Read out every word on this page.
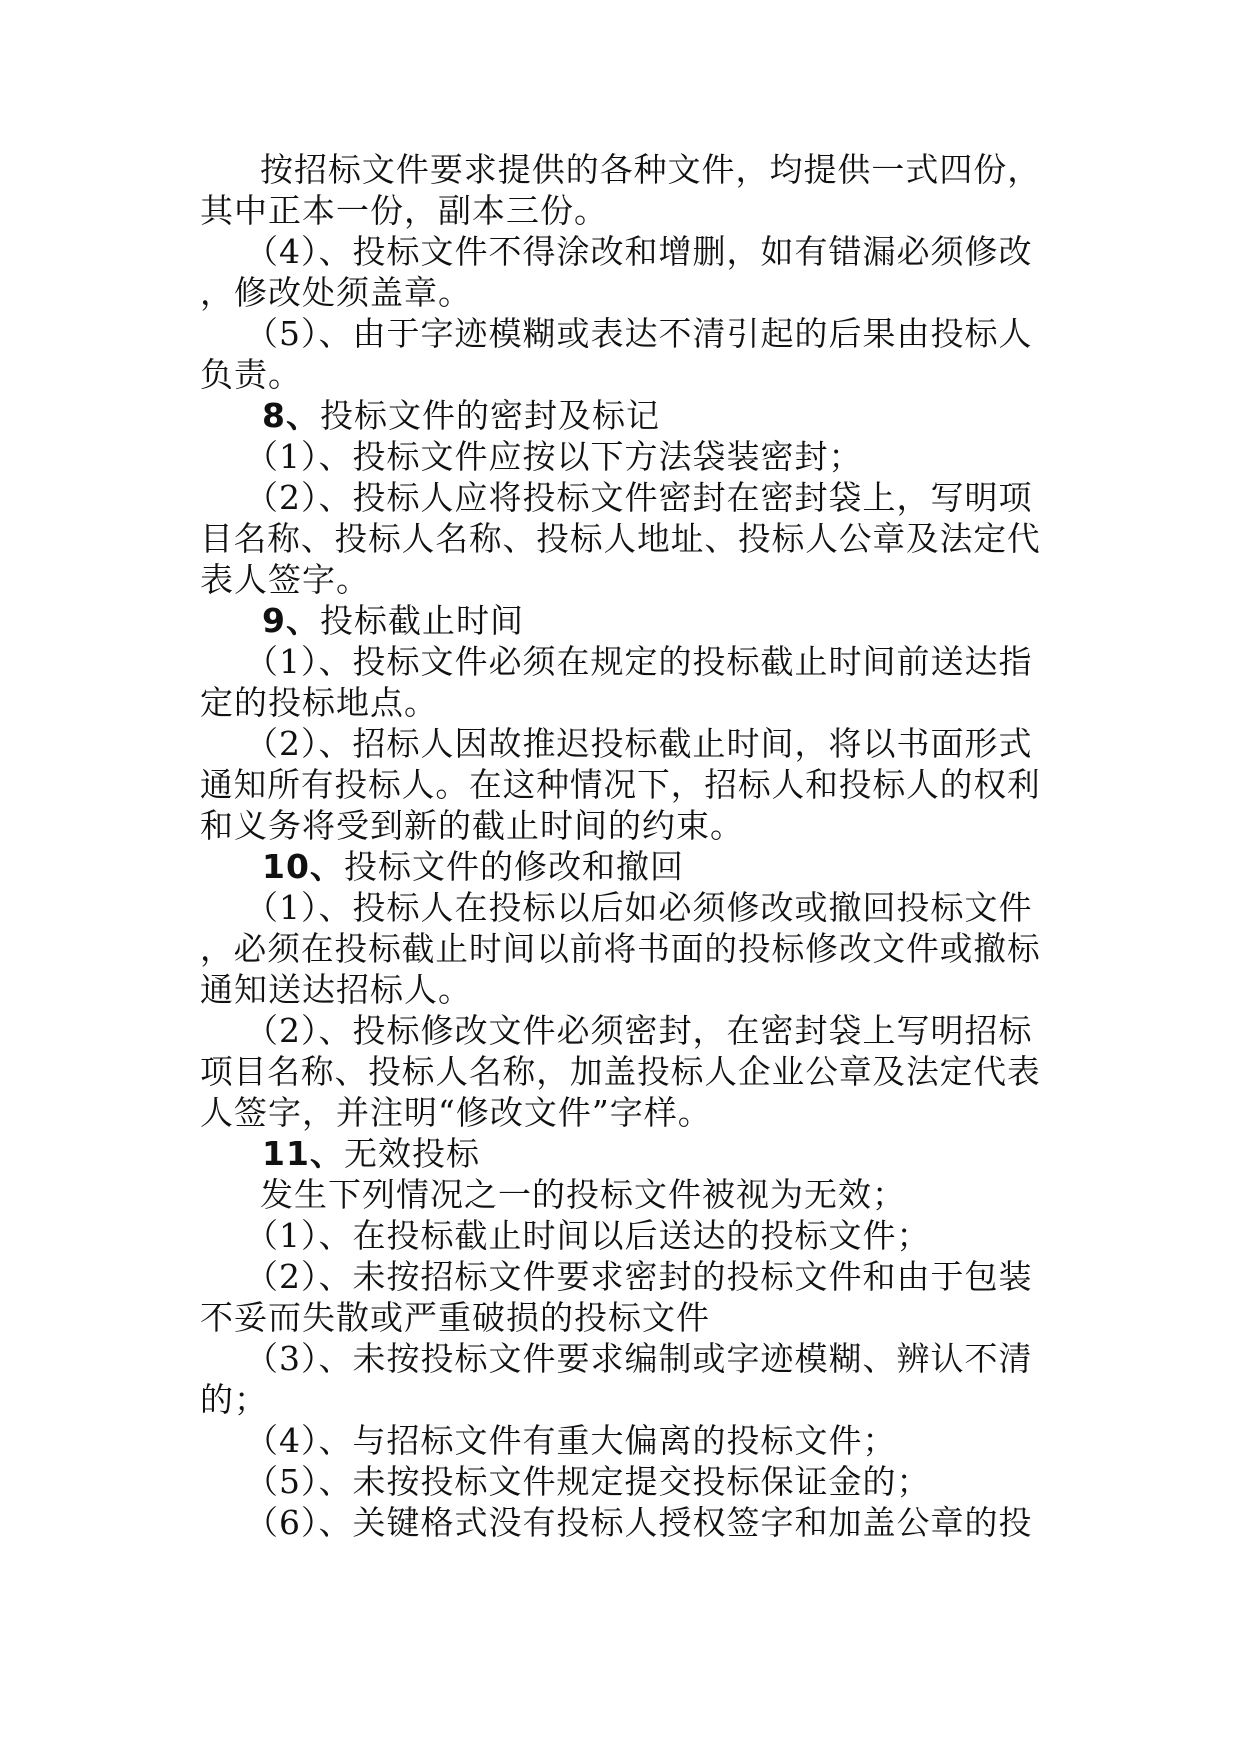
按招标文件要求提供的各种文件，均提供一式四份，
其中正本一份，副本三份。
（4）、投标文件不得涂改和增删，如有错漏必须修改
，修改处须盖章。
（5）、由于字迹模糊或表达不清引起的后果由投标人
负责。
8、投标文件的密封及标记
（1）、投标文件应按以下方法袋装密封；
（2）、投标人应将投标文件密封在密封袋上，写明项
目名称、投标人名称、投标人地址、投标人公章及法定代
表人签字。
9、投标截止时间
（1）、投标文件必须在规定的投标截止时间前送达指
定的投标地点。
（2）、招标人因故推迟投标截止时间，将以书面形式
通知所有投标人。在这种情况下，招标人和投标人的权利
和义务将受到新的截止时间的约束。
10、投标文件的修改和撤回
（1）、投标人在投标以后如必须修改或撤回投标文件
，必须在投标截止时间以前将书面的投标修改文件或撤标
通知送达招标人。
（2）、投标修改文件必须密封，在密封袋上写明招标
项目名称、投标人名称，加盖投标人企业公章及法定代表
人签字，并注明“修改文件”字样。
11、无效投标
发生下列情况之一的投标文件被视为无效；
（1）、在投标截止时间以后送达的投标文件；
（2）、未按招标文件要求密封的投标文件和由于包装
不妥而失散或严重破损的投标文件
（3）、未按投标文件要求编制或字迹模糊、辨认不清
的；
（4）、与招标文件有重大偏离的投标文件；
（5）、未按投标文件规定提交投标保证金的；
（6）、关键格式没有投标人授权签字和加盖公章的投
